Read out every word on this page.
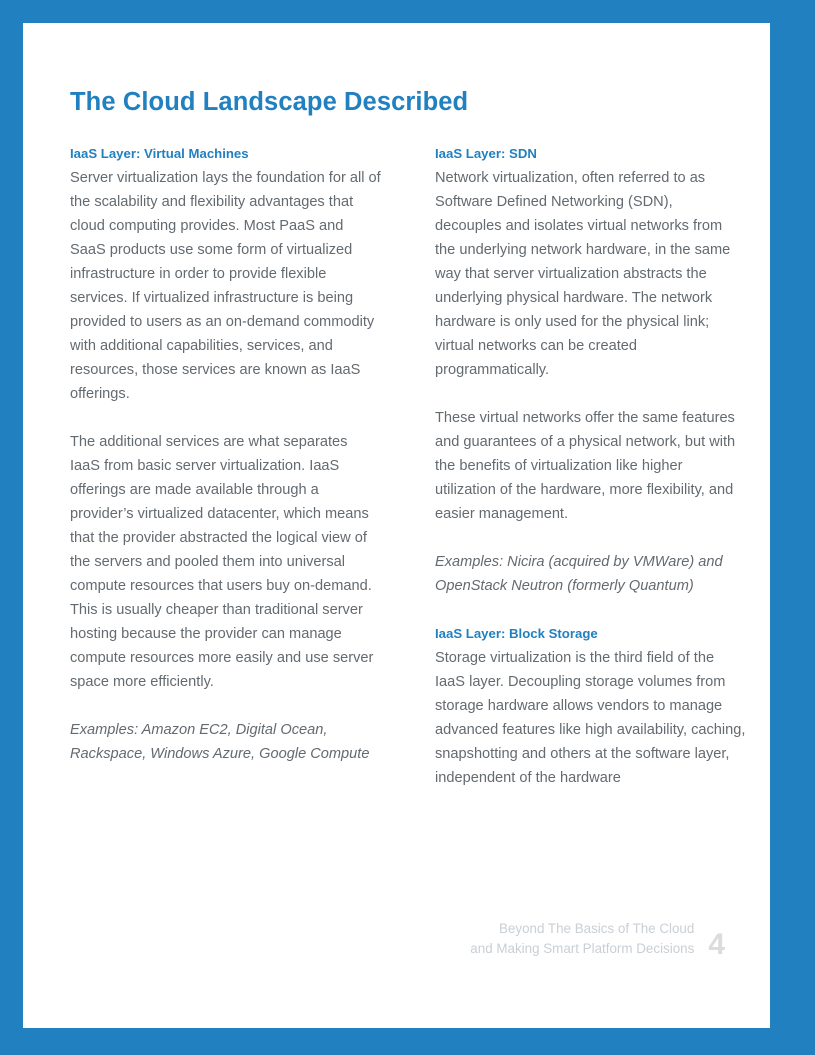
The Cloud Landscape Described
IaaS Layer: Virtual Machines

Server virtualization lays the foundation for all of the scalability and flexibility advantages that cloud computing provides. Most PaaS and SaaS products use some form of virtualized infrastructure in order to provide flexible services. If virtualized infrastructure is being provided to users as an on-demand commodity with additional capabilities, services, and resources, those services are known as IaaS offerings.

The additional services are what separates IaaS from basic server virtualization. IaaS offerings are made available through a provider’s virtualized datacenter, which means that the provider abstracted the logical view of the servers and pooled them into universal compute resources that users buy on-demand. This is usually cheaper than traditional server hosting because the provider can manage compute resources more easily and use server space more efficiently.

Examples: Amazon EC2, Digital Ocean, Rackspace, Windows Azure, Google Compute

IaaS Layer: SDN

Network virtualization, often referred to as Software Defined Networking (SDN),  decouples and isolates virtual networks from the underlying network hardware, in the same way that server virtualization abstracts the underlying physical hardware. The network hardware is only used for the physical link; virtual networks can be created programmatically.

These virtual networks offer the same features and guarantees of a physical network, but with the benefits of virtualization like higher utilization of the hardware, more flexibility, and easier management.

Examples: Nicira (acquired by VMWare) and OpenStack Neutron (formerly Quantum)

IaaS Layer: Block Storage

Storage virtualization is the third field of the IaaS layer. Decoupling storage volumes from storage hardware allows vendors to manage advanced features like high availability, caching, snapshotting and others at the software layer, independent of the hardware

Beyond The Basics of The Cloud
and Making Smart Platform Decisions 4
